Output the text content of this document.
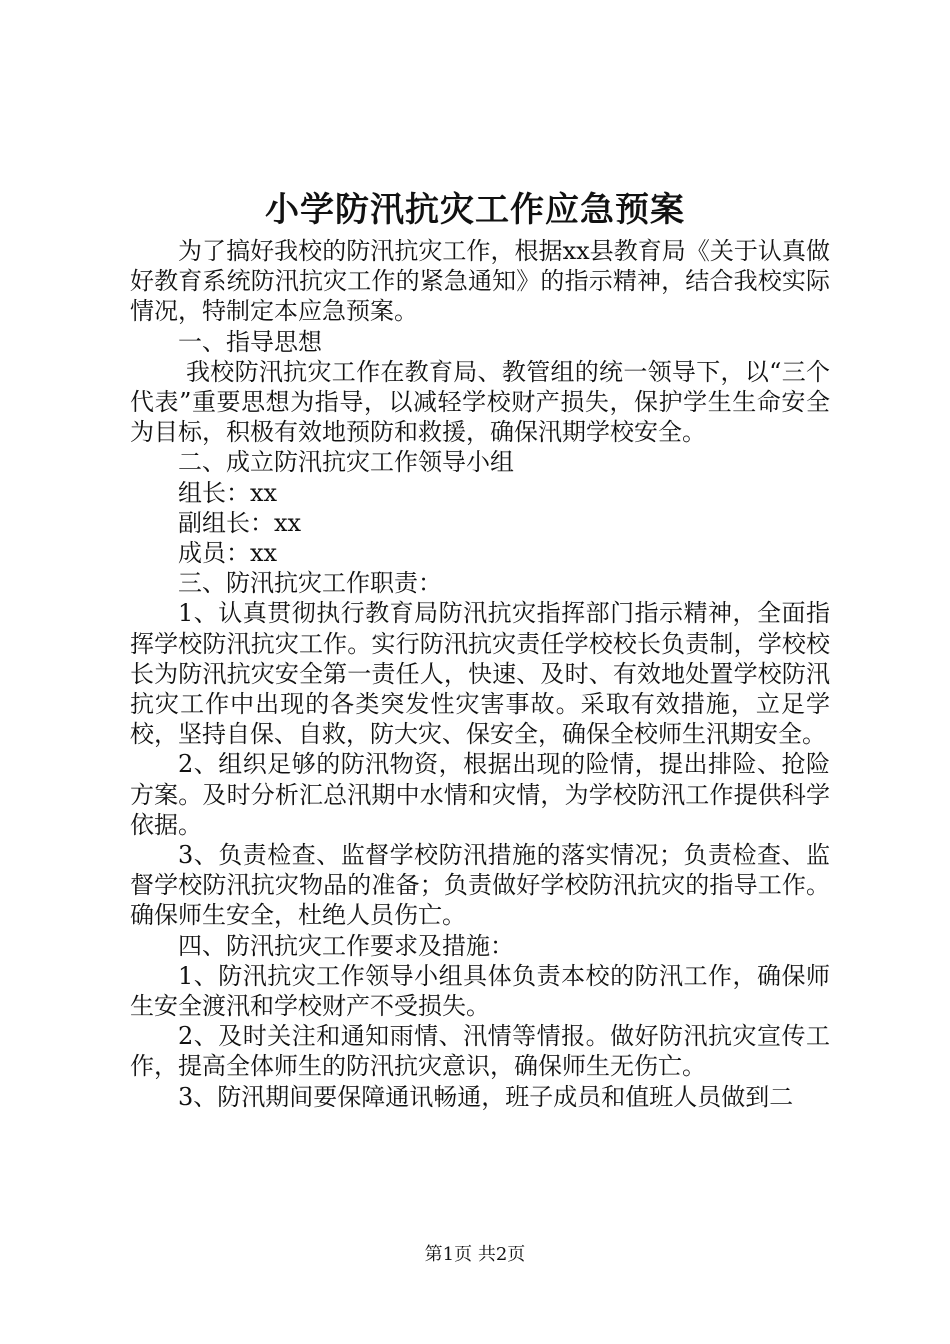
小学防汛抗灾工作应急预案

为了搞好我校的防汛抗灾工作，根据xx县教育局《关于认真做好教育系统防汛抗灾工作的紧急通知》的指示精神，结合我校实际情况，特制定本应急预案。

一、指导思想

我校防汛抗灾工作在教育局、教管组的统一领导下，以“三个代表”重要思想为指导，以减轻学校财产损失，保护学生生命安全为目标，积极有效地预防和救援，确保汛期学校安全。

二、成立防汛抗灾工作领导小组

组长：xx

副组长：xx

成员：xx

三、防汛抗灾工作职责：

1、认真贯彻执行教育局防汛抗灾指挥部门指示精神，全面指挥学校防汛抗灾工作。实行防汛抗灾责任学校校长负责制，学校校长为防汛抗灾安全第一责任人，快速、及时、有效地处置学校防汛抗灾工作中出现的各类突发性灾害事故。采取有效措施，立足学校，坚持自保、自救，防大灾、保安全，确保全校师生汛期安全。

2、组织足够的防汛物资，根据出现的险情，提出排险、抢险方案。及时分析汇总汛期中水情和灾情，为学校防汛工作提供科学依据。

3、负责检查、监督学校防汛措施的落实情况；负责检查、监督学校防汛抗灾物品的准备；负责做好学校防汛抗灾的指导工作。确保师生安全，杜绝人员伤亡。

四、防汛抗灾工作要求及措施：

1、防汛抗灾工作领导小组具体负责本校的防汛工作，确保师生安全渡汛和学校财产不受损失。

2、及时关注和通知雨情、汛情等情报。做好防汛抗灾宣传工作，提高全体师生的防汛抗灾意识，确保师生无伤亡。

3、防汛期间要保障通讯畅通，班子成员和值班人员做到二

第1页 共2页
